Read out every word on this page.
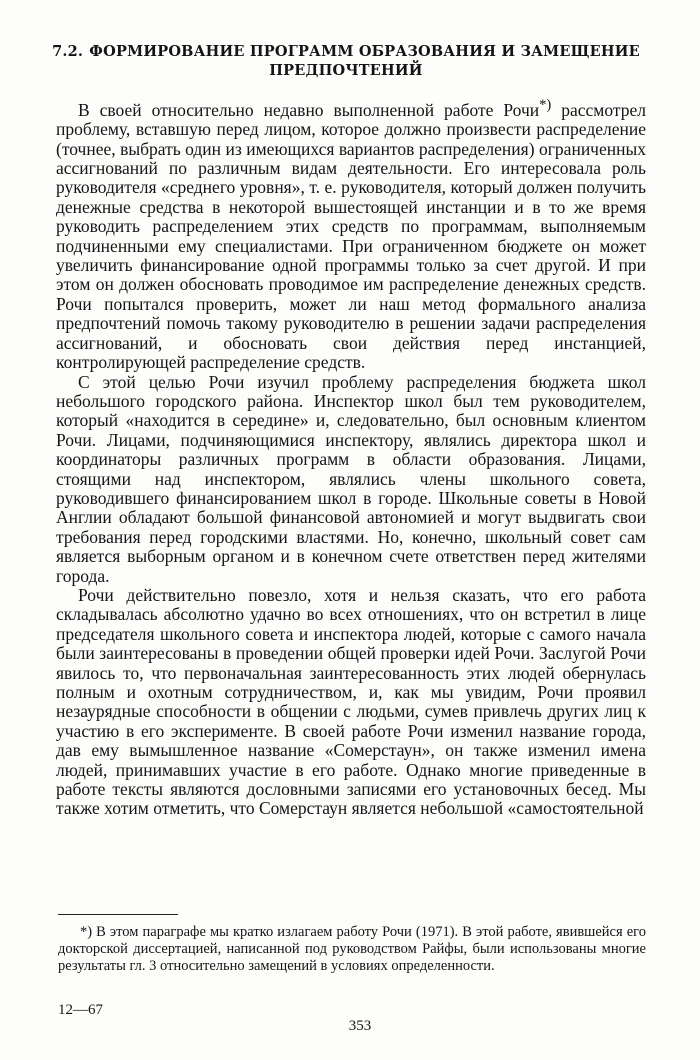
7.2. ФОРМИРОВАНИЕ ПРОГРАММ ОБРАЗОВАНИЯ И ЗАМЕЩЕНИЕ ПРЕДПОЧТЕНИЙ

В своей относительно недавно выполненной работе Рочи*) рассмотрел проблему, вставшую перед лицом, которое должно произвести распределение (точнее, выбрать один из имеющихся вариантов распределения) ограниченных ассигнований по различным видам деятельности. Его интересовала роль руководителя «среднего уровня», т. е. руководителя, который должен получить денежные средства в некоторой вышестоящей инстанции и в то же время руководить распределением этих средств по программам, выполняемым подчиненными ему специалистами. При ограниченном бюджете он может увеличить финансирование одной программы только за счет другой. И при этом он должен обосновать проводимое им распределение денежных средств. Рочи попытался проверить, может ли наш метод формального анализа предпочтений помочь такому руководителю в решении задачи распределения ассигнований, и обосновать свои действия перед инстанцией, контролирующей распределение средств.

С этой целью Рочи изучил проблему распределения бюджета школ небольшого городского района. Инспектор школ был тем руководителем, который «находится в середине» и, следовательно, был основным клиентом Рочи. Лицами, подчиняющимися инспектору, являлись директора школ и координаторы различных программ в области образования. Лицами, стоящими над инспектором, являлись члены школьного совета, руководившего финансированием школ в городе. Школьные советы в Новой Англии обладают большой финансовой автономией и могут выдвигать свои требования перед городскими властями. Но, конечно, школьный совет сам является выборным органом и в конечном счете ответствен перед жителями города.

Рочи действительно повезло, хотя и нельзя сказать, что его работа складывалась абсолютно удачно во всех отношениях, что он встретил в лице председателя школьного совета и инспектора людей, которые с самого начала были заинтересованы в проведении общей проверки идей Рочи. Заслугой Рочи явилось то, что первоначальная заинтересованность этих людей обернулась полным и охотным сотрудничеством, и, как мы увидим, Рочи проявил незаурядные способности в общении с людьми, сумев привлечь других лиц к участию в его эксперименте. В своей работе Рочи изменил название города, дав ему вымышленное название «Сомерстаун», он также изменил имена людей, принимавших участие в его работе. Однако многие приведенные в работе тексты являются дословными записями его установочных бесед. Мы также хотим отметить, что Сомерстаун является небольшой «самостоятельной

*) В этом параграфе мы кратко излагаем работу Рочи (1971). В этой работе, явившейся его докторской диссертацией, написанной под руководством Райфы, были использованы многие результаты гл. 3 относительно замещений в условиях определенности.

12—67
353
